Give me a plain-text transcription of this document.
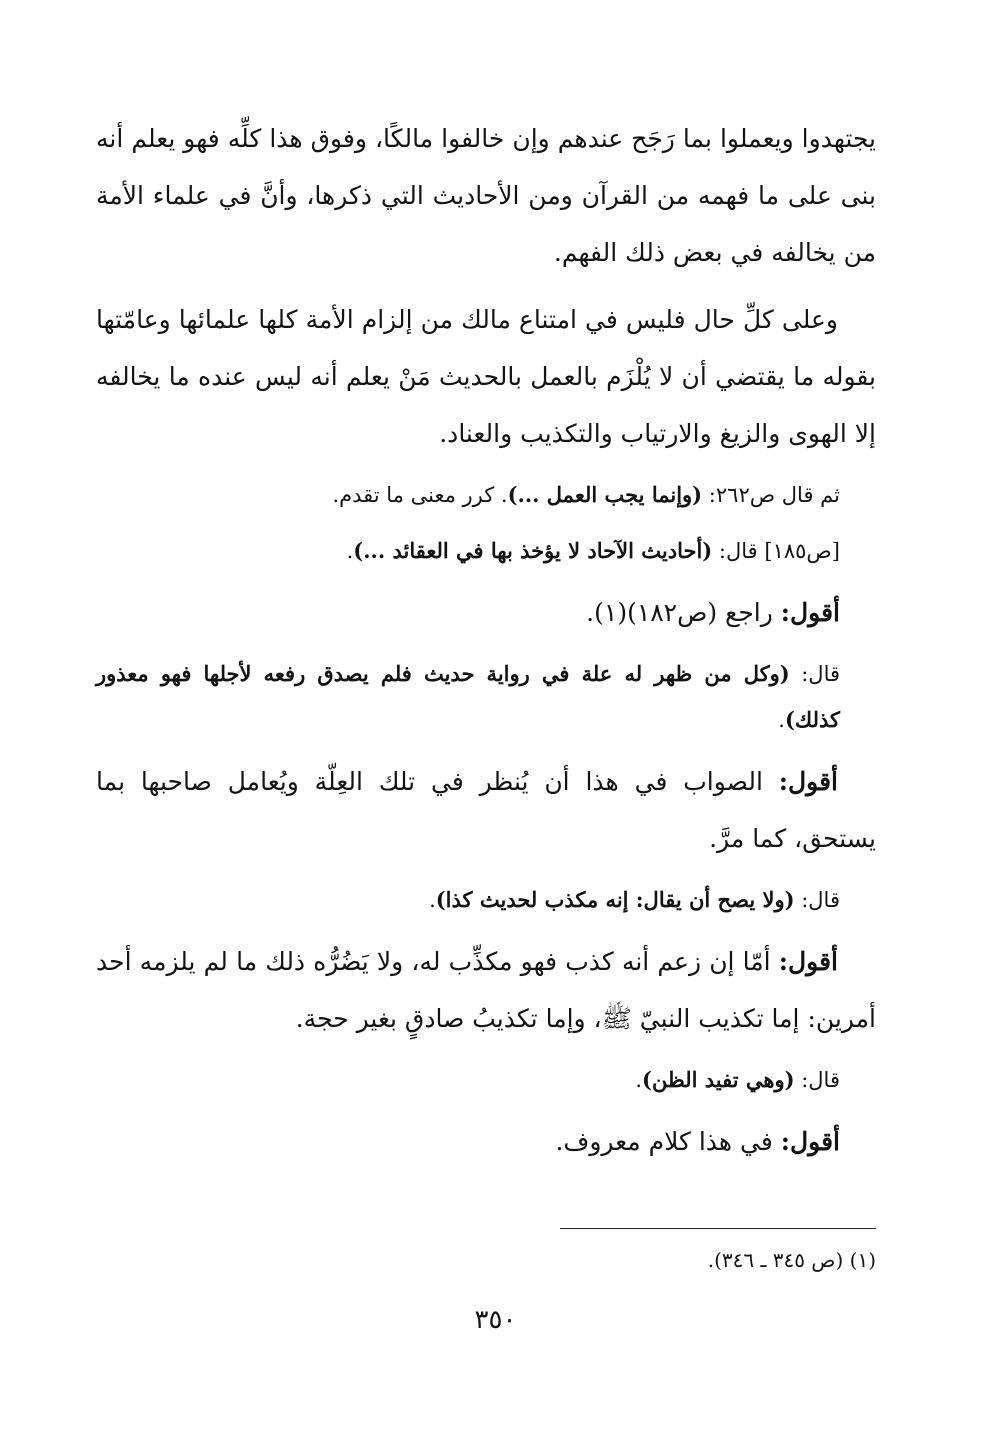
يجتهدوا ويعملوا بما رَجَح عندهم وإن خالفوا مالكًا، وفوق هذا كلِّه فهو يعلم أنه بنى على ما فهمه من القرآن ومن الأحاديث التي ذكرها، وأنَّ في علماء الأمة من يخالفه في بعض ذلك الفهم.

وعلى كلِّ حال فليس في امتناع مالك من إلزام الأمة كلها علمائها وعامّتها بقوله ما يقتضي أن لا يُلْزَم بالعمل بالحديث مَنْ يعلم أنه ليس عنده ما يخالفه إلا الهوى والزيغ والارتياب والتكذيب والعناد.

ثم قال ص٢٦٢: (وإنما يجب العمل ...). كرر معنى ما تقدم.

[ص١٨٥] قال: (أحاديث الآحاد لا يؤخذ بها في العقائد ...).

أقول: راجع (ص١٨٢)(١).

قال: (وكل من ظهر له علة في رواية حديث فلم يصدق رفعه لأجلها فهو معذور كذلك).

أقول: الصواب في هذا أن يُنظر في تلك العِلّة ويُعامل صاحبها بما يستحق، كما مرَّ.

قال: (ولا يصح أن يقال: إنه مكذب لحديث كذا).

أقول: أمّا إن زعم أنه كذب فهو مكذِّب له، ولا يَضُرُّه ذلك ما لم يلزمه أحد أمرين: إما تكذيب النبيّ ﷺ، وإما تكذيبُ صادقٍ بغير حجة.

قال: (وهي تفيد الظن).

أقول: في هذا كلام معروف.

(١) (ص ٣٤٥ ـ ٣٤٦).
٣٥٠
